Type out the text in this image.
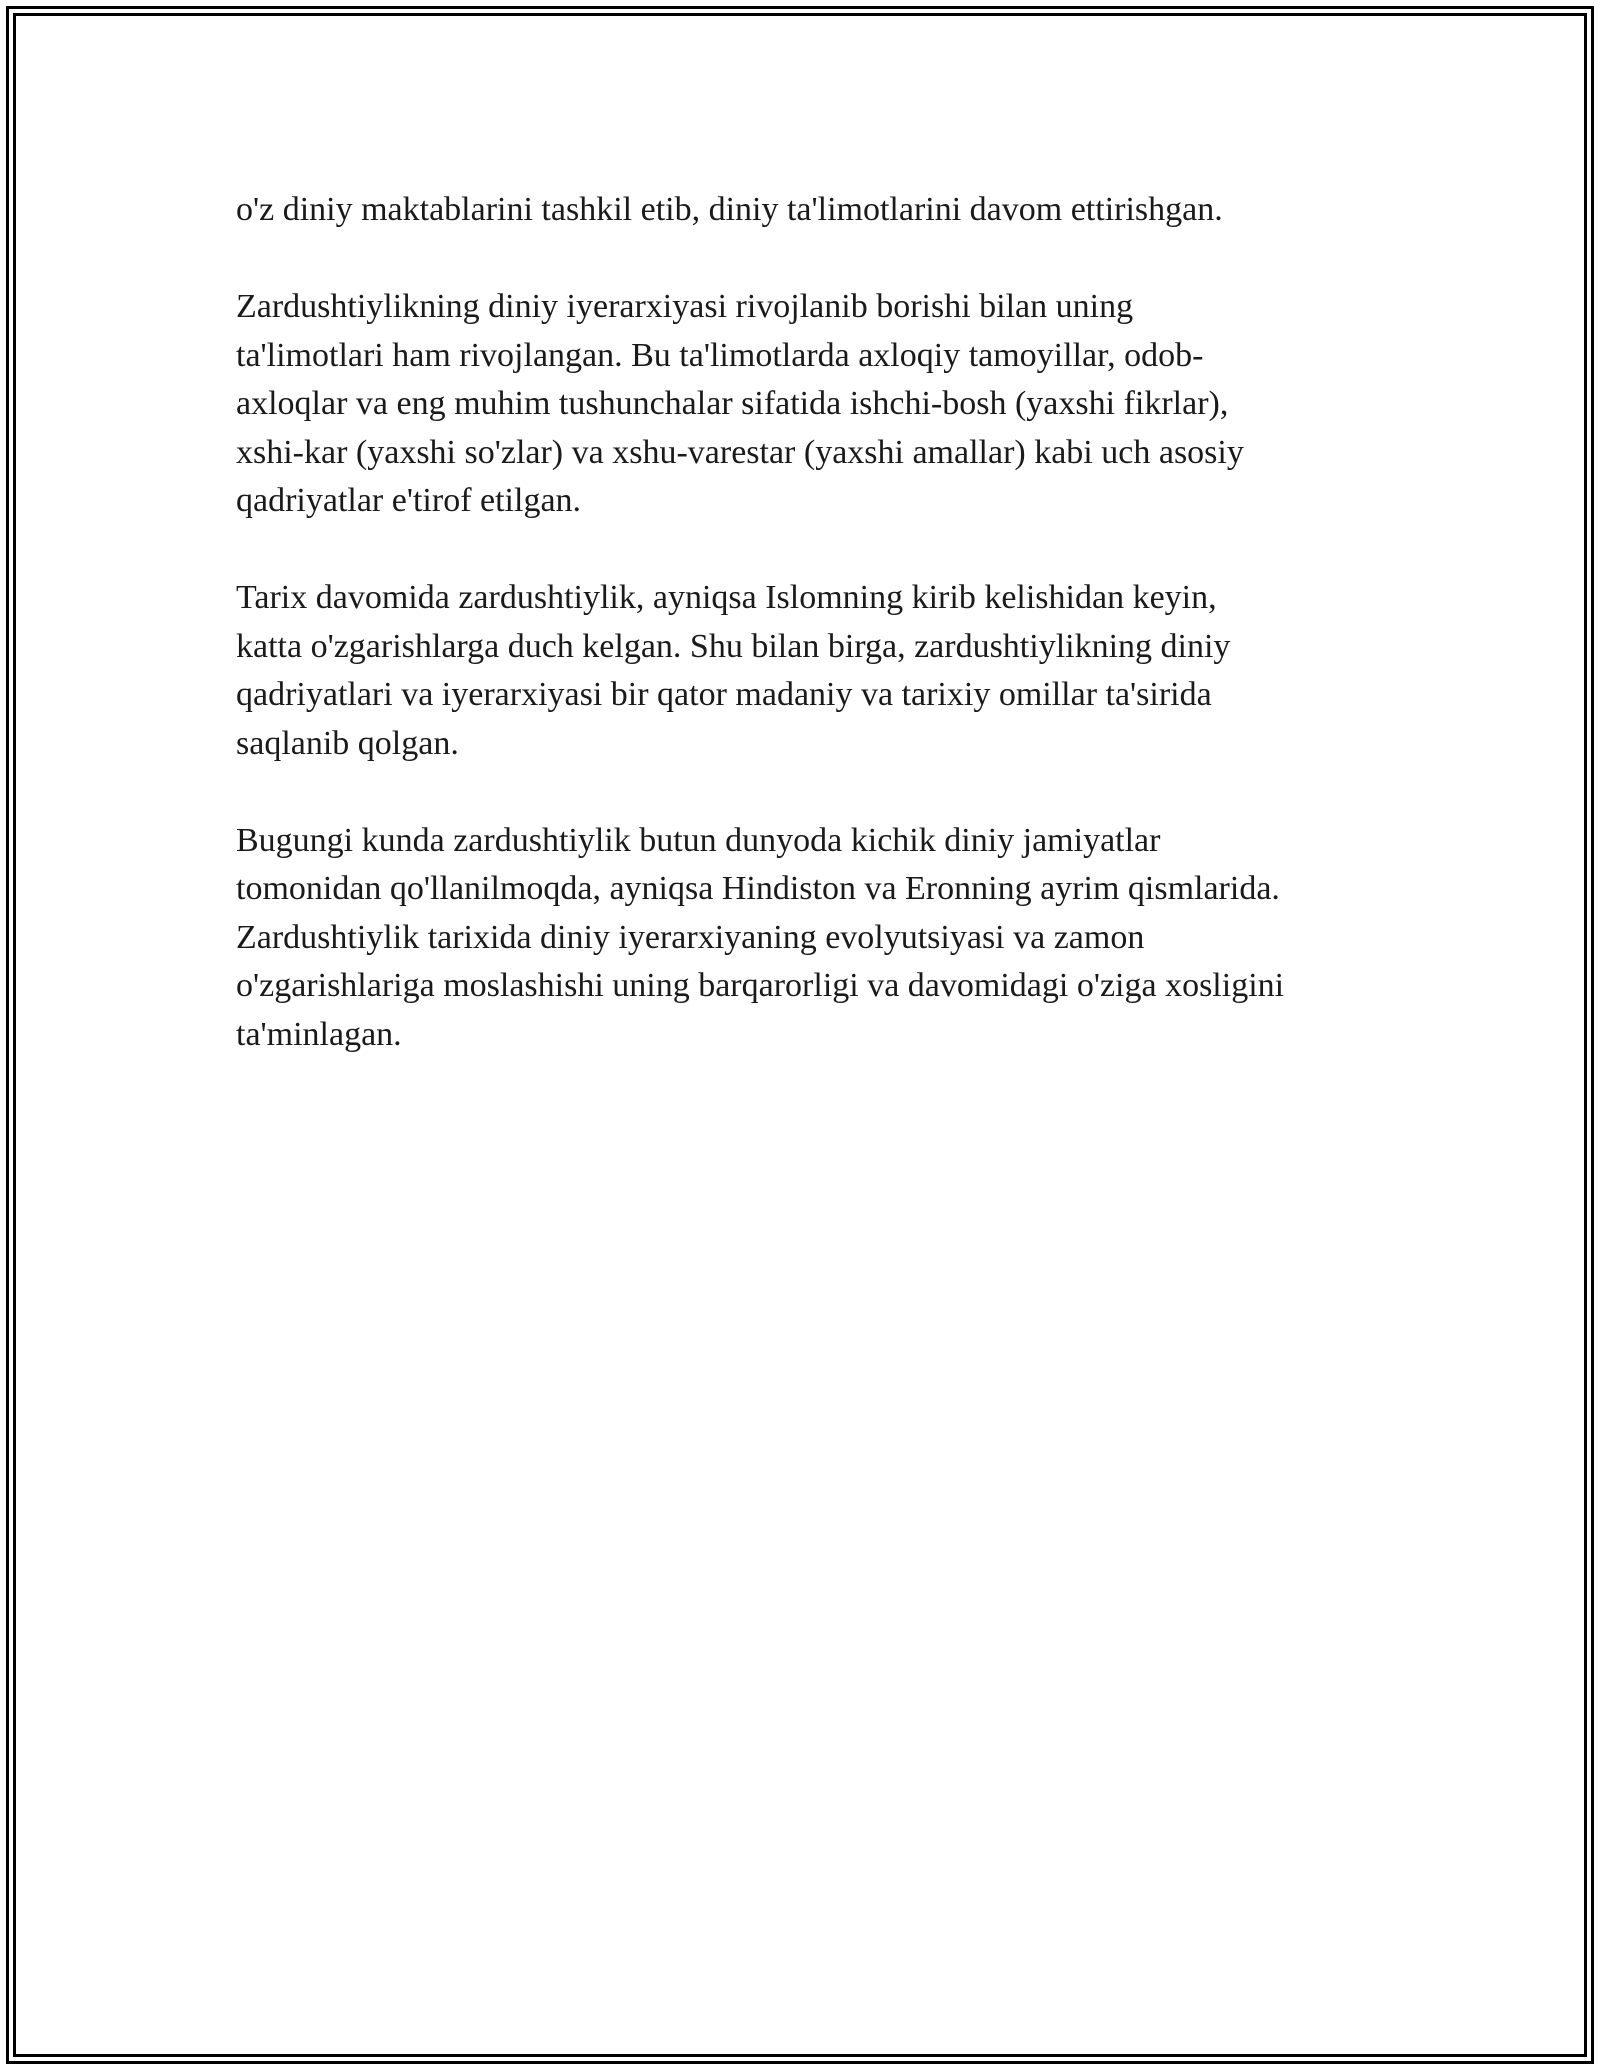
o'z diniy maktablarini tashkil etib, diniy ta'limotlarini davom ettirishgan.

Zardushtiylikning diniy iyerarxiyasi rivojlanib borishi bilan uning
ta'limotlari ham rivojlangan. Bu ta'limotlarda axloqiy tamoyillar, odob-
axloqlar va eng muhim tushunchalar sifatida ishchi-bosh (yaxshi fikrlar),
xshi-kar (yaxshi so'zlar) va xshu-varestar (yaxshi amallar) kabi uch asosiy
qadriyatlar e'tirof etilgan.

Tarix davomida zardushtiylik, ayniqsa Islomning kirib kelishidan keyin,
katta o'zgarishlarga duch kelgan. Shu bilan birga, zardushtiylikning diniy
qadriyatlari va iyerarxiyasi bir qator madaniy va tarixiy omillar ta'sirida
saqlanib qolgan.

Bugungi kunda zardushtiylik butun dunyoda kichik diniy jamiyatlar
tomonidan qo'llanilmoqda, ayniqsa Hindiston va Eronning ayrim qismlarida.
Zardushtiylik tarixida diniy iyerarxiyaning evolyutsiyasi va zamon
o'zgarishlariga moslashishi uning barqarorligi va davomidagi o'ziga xosligini
ta'minlagan.
